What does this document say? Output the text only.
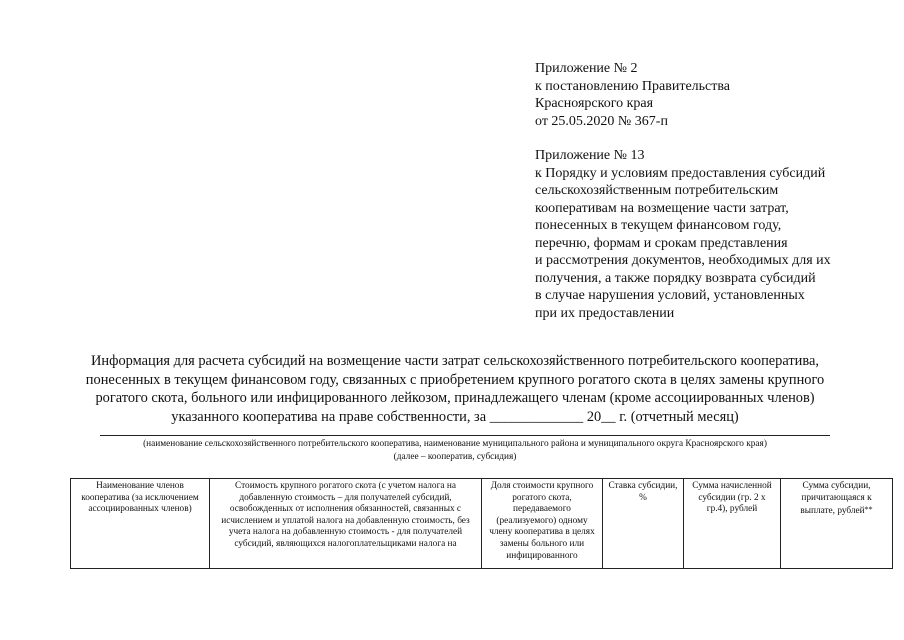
Приложение № 2
к постановлению Правительства
Красноярского края
от 25.05.2020 № 367-п
Приложение № 13
к Порядку и условиям предоставления субсидий
сельскохозяйственным потребительским
кооперативам на возмещение части затрат,
понесенных в текущем финансовом году,
перечню, формам и срокам представления
и рассмотрения документов, необходимых для их
получения, а также порядку возврата субсидий
в случае нарушения условий, установленных
при их предоставлении
Информация для расчета субсидий на возмещение части затрат сельскохозяйственного потребительского кооператива,
понесенных в текущем финансовом году, связанных с приобретением крупного рогатого скота в целях замены крупного
рогатого скота, больного или инфицированного лейкозом, принадлежащего членам (кроме ассоциированных членов)
указанного кооператива на праве собственности, за _____________ 20__ г. (отчетный месяц)
(наименование сельскохозяйственного потребительского кооператива, наименование муниципального района и муниципального округа Красноярского края)
(далее – кооператив, субсидия)
Наименование членов кооператива (за исключением ассоциированных членов)	Стоимость крупного рогатого скота (с учетом налога на добавленную стоимость – для получателей субсидий, освобожденных от исполнения обязанностей, связанных с исчислением и уплатой налога на добавленную стоимость, без учета налога на добавленную стоимость - для получателей субсидий, являющихся налогоплательщиками налога на	Доля стоимости крупного рогатого скота, передаваемого (реализуемого) одному члену кооператива в целях замены больного или инфицированного	Ставка субсидии, %	Сумма начисленной субсидии (гр. 2 х гр.4), рублей	Сумма субсидии, причитающаяся к выплате, рублей**
